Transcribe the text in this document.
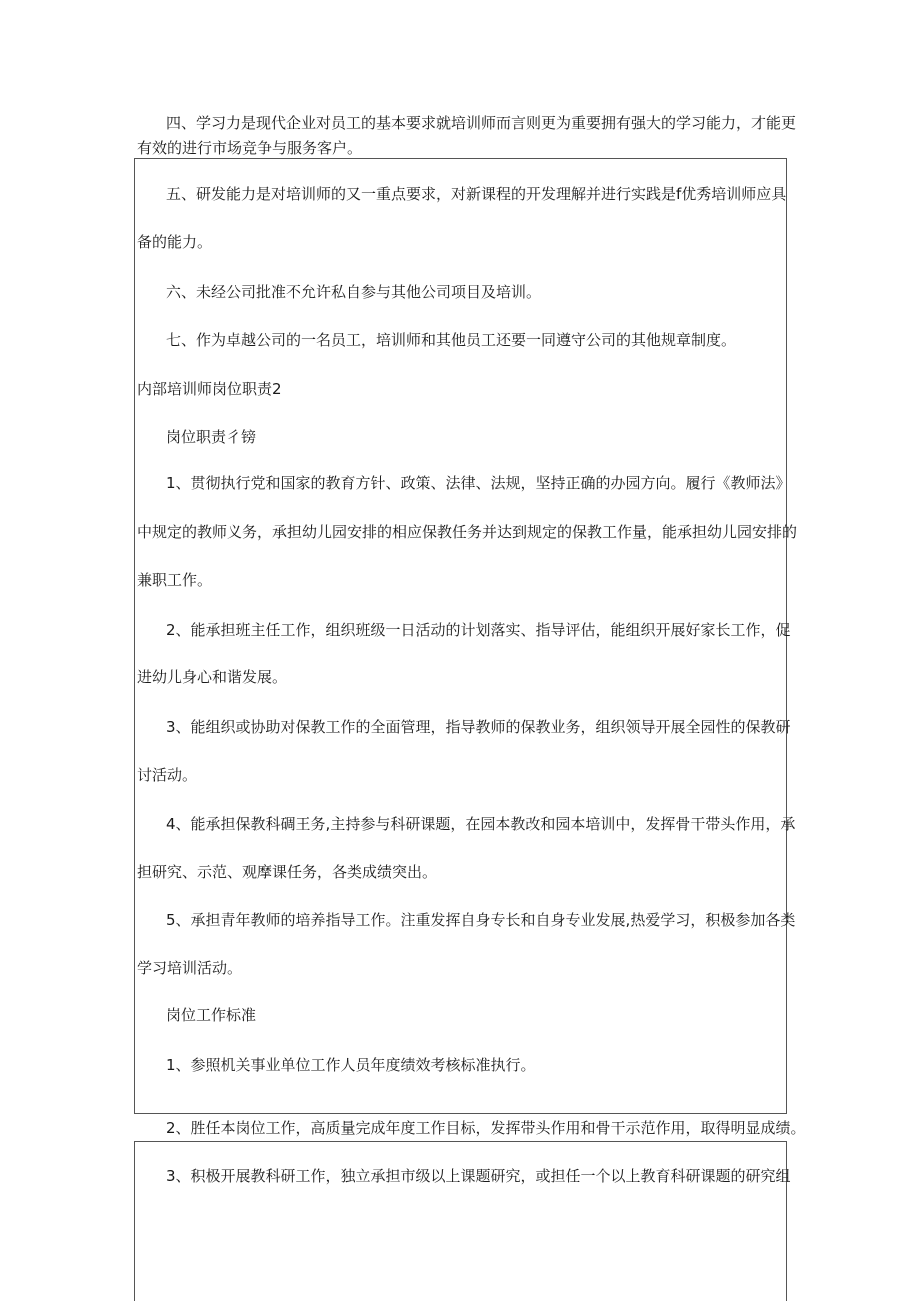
四、学习力是现代企业对员工的基本要求就培训师而言则更为重要拥有强大的学习能力，才能更
有效的进行市场竞争与服务客户。
五、研发能力是对培训师的又一重点要求，对新课程的开发理解并进行实践是f优秀培训师应具
备的能力。
六、未经公司批准不允许私自参与其他公司项目及培训。
七、作为卓越公司的一名员工，培训师和其他员工还要一同遵守公司的其他规章制度。
内部培训师岗位职责2
岗位职责彳镑
1、贯彻执行党和国家的教育方针、政策、法律、法规，坚持正确的办园方向。履行《教师法》
中规定的教师义务，承担幼儿园安排的相应保教任务并达到规定的保教工作量，能承担幼儿园安排的
兼职工作。
2、能承担班主任工作，组织班级一日活动的计划落实、指导评估，能组织开展好家长工作，促
进幼儿身心和谐发展。
3、能组织或协助对保教工作的全面管理，指导教师的保教业务，组织领导开展全园性的保教研
讨活动。
4、能承担保教科碉王务,主持参与科研课题，在园本教改和园本培训中，发挥骨干带头作用，承
担研究、示范、观摩课任务，各类成绩突出。
5、承担青年教师的培养指导工作。注重发挥自身专长和自身专业发展,热爱学习，积极参加各类
学习培训活动。
岗位工作标准
1、参照机关事业单位工作人员年度绩效考核标准执行。
2、胜任本岗位工作，高质量完成年度工作目标，发挥带头作用和骨干示范作用，取得明显成绩。
3、积极开展教科研工作，独立承担市级以上课题研究，或担任一个以上教育科研课题的研究组
